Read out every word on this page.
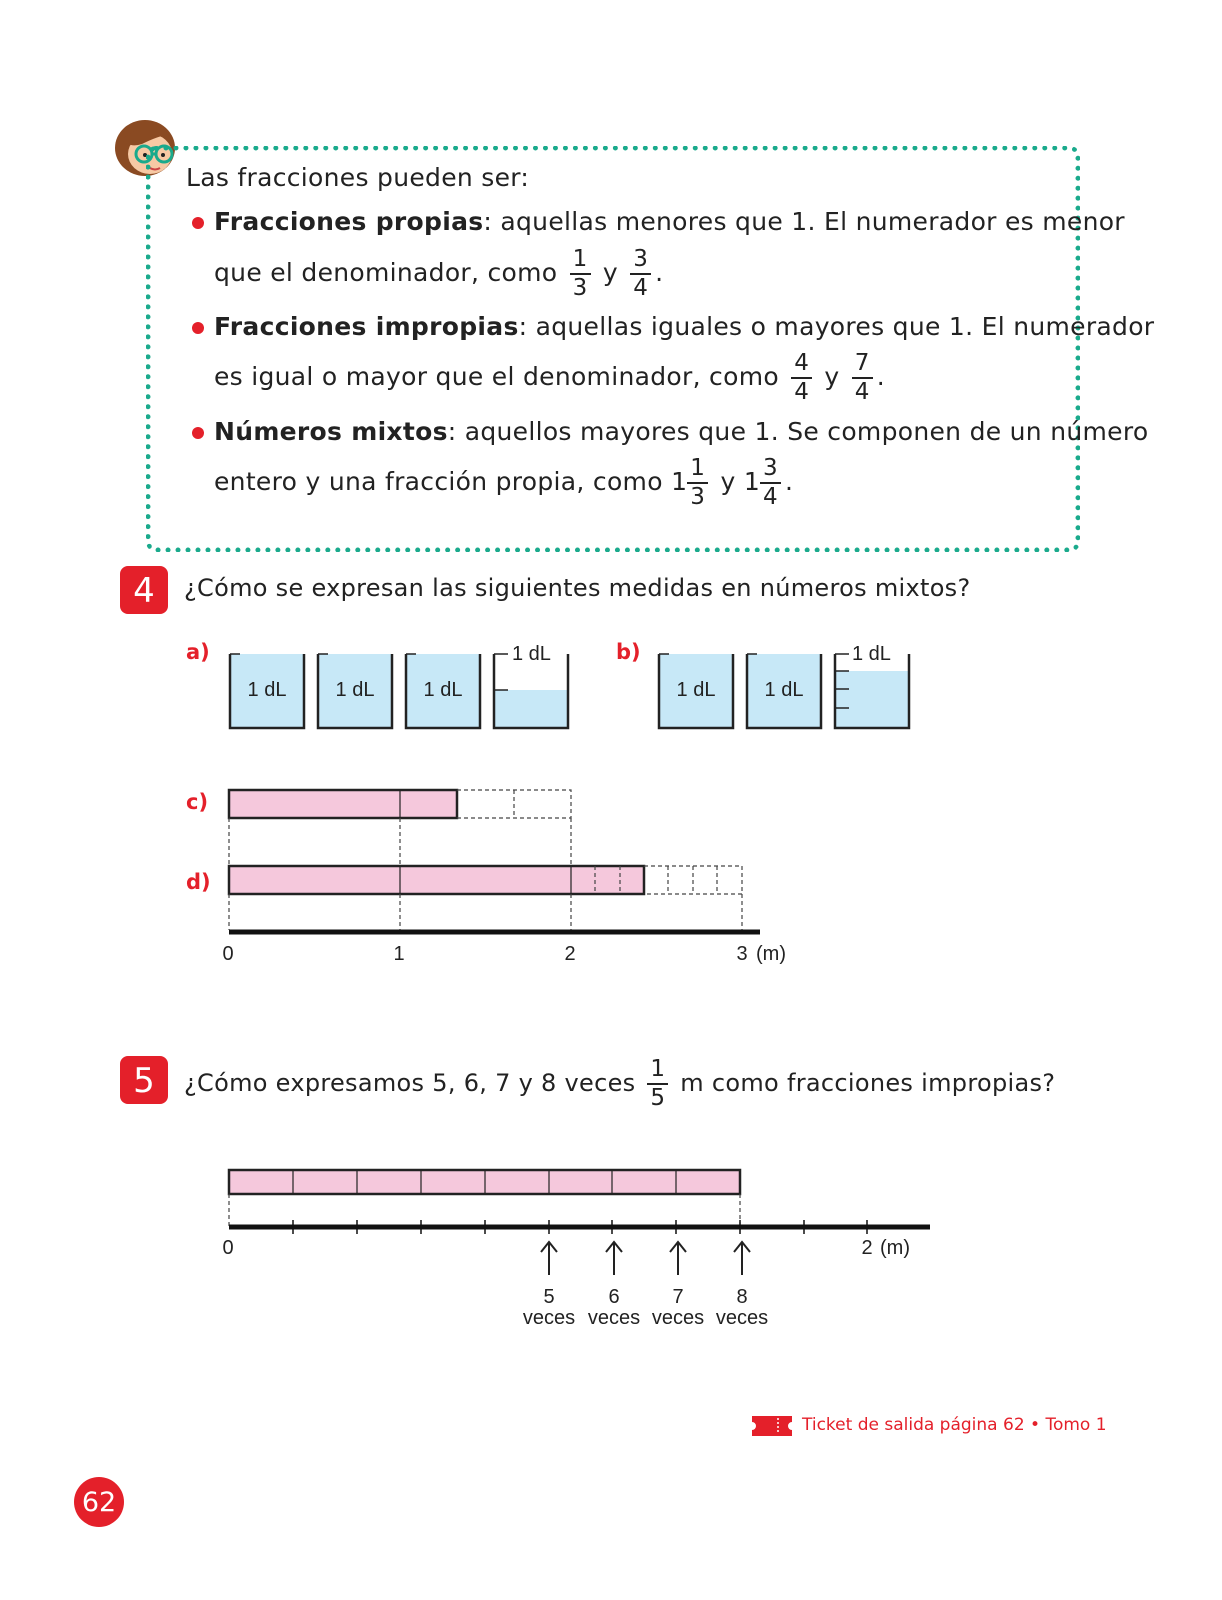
Las fracciones pueden ser:
Fracciones propias: aquellas menores que 1. El numerador es menor
que el denominador, como $\frac{1}{3}$ y $\frac{3}{4}$ .
Fracciones impropias: aquellas iguales o mayores que 1. El numerador
es igual o mayor que el denominador, como $\frac{4}{4}$ y $\frac{7}{4}$ .
Números mixtos: aquellos mayores que 1. Se componen de un número
entero y una fracción propia, como $1 \frac{1}{3}$ y $1 \frac{3}{4}$ .
4	¿Cómo se expresan las siguientes medidas en números mixtos?
a)	b)
c)
d)
1 dL 1 dL 1 dL
1 dL
1 dL 1 dL
1 dL
0	1	2	3 (m)
5	¿Cómo expresamos 5, 6, 7 y 8 veces $\frac{1}{5}$ m como fracciones impropias?
0	2 (m)
5
veces
6
veces
7
veces
8
veces
Ticket de salida página 62 • Tomo 1
62
